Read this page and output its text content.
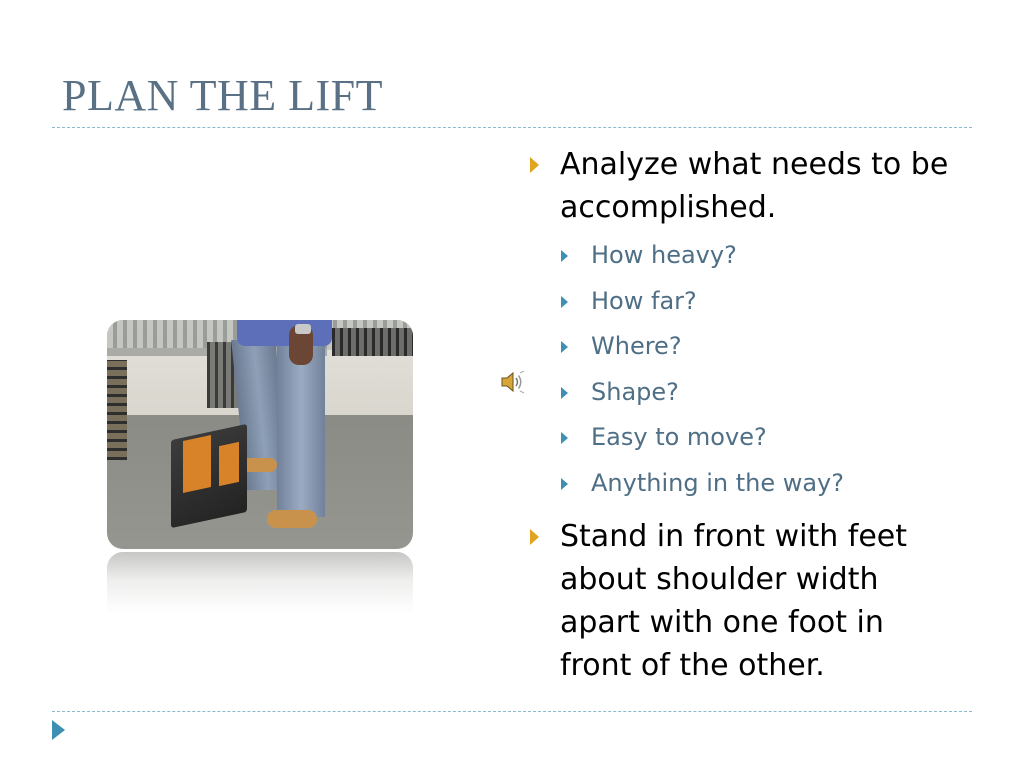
PLAN THE LIFT
Analyze what needs to be accomplished.
How heavy?
How far?
Where?
Shape?
Easy to move?
Anything in the way?
Stand in front with feet about shoulder width apart with one foot in front of the other.
